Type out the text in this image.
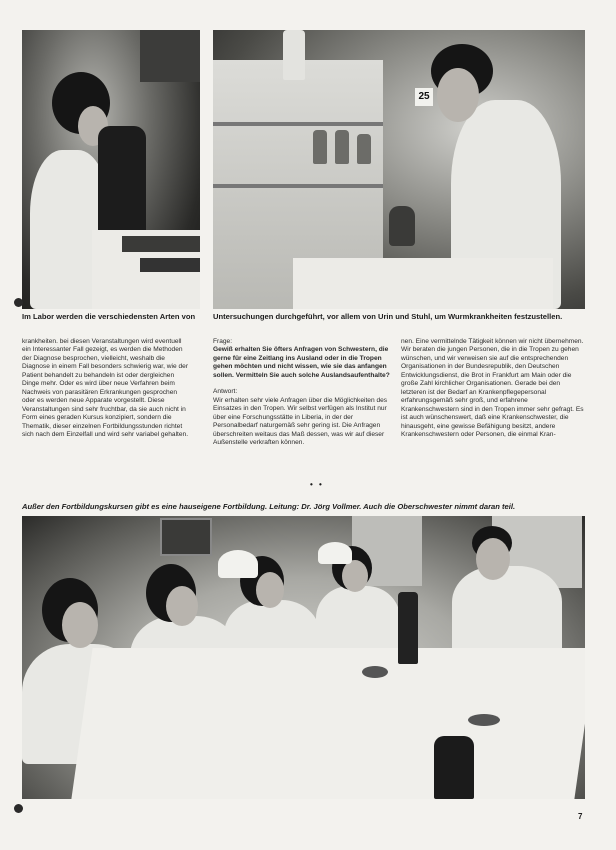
25
Im Labor werden die verschiedensten Arten von Untersuchungen durchgeführt, vor allem von Urin und Stuhl, um Wurmkrankheiten festzustellen.

krankheiten. bei diesen Veranstaltungen wird eventuell ein Interessanter Fall gezeigt, es werden die Methoden der Diagnose besprochen, vielleicht, weshalb die Diagnose in einem Fall besonders schwierig war, wie der Patient behandelt zu behandeln ist oder dergleichen Dinge mehr. Oder es wird über neue Verfahren beim Nachweis von parasitären Erkrankungen gesprochen oder es werden neue Apparate vorgestellt. Diese Veranstaltungen sind sehr fruchtbar, da sie auch nicht in Form eines geraden Kursus konzipiert, sondern die Thematik, dieser einzelnen Fortbildungsstunden richtet sich nach dem Einzelfall und wird sehr variabel gehalten.

Frage:

Gewiß erhalten Sie öfters Anfragen von Schwestern, die gerne für eine Zeitlang ins Ausland oder in die Tropen gehen möchten und nicht wissen, wie sie das anfangen sollen. Vermitteln Sie auch solche Auslandsaufenthalte?

Antwort:

Wir erhalten sehr viele Anfragen über die Möglichkeiten des Einsatzes in den Tropen. Wir selbst verfügen als Institut nur über eine Forschungsstätte in Liberia, in der der Personalbedarf naturgemäß sehr gering ist. Die Anfragen überschreiten weitaus das Maß dessen, was wir auf dieser Außenstelle verkraften können.

• •

nen. Eine vermittelnde Tätigkeit können wir nicht übernehmen. Wir beraten die jungen Personen, die in die Tropen zu gehen wünschen, und wir verweisen sie auf die entsprechenden Organisationen in der Bundesrepublik, den Deutschen Entwicklungsdienst, die Brot in Frankfurt am Main oder die große Zahl kirchlicher Organisationen. Gerade bei den letzteren ist der Bedarf an Krankenpflegepersonal erfahrungsgemäß sehr groß, und erfahrene Krankenschwestern sind in den Tropen immer sehr gefragt. Es ist auch wünschenswert, daß eine Krankenschwester, die hinausgeht, eine gewisse Befähigung besitzt, andere Krankenschwestern oder Personen, die einmal Kran-

Außer den Fortbildungskursen gibt es eine hauseigene Fortbildung. Leitung: Dr. Jörg Vollmer. Auch die Oberschwester nimmt daran teil.
7
